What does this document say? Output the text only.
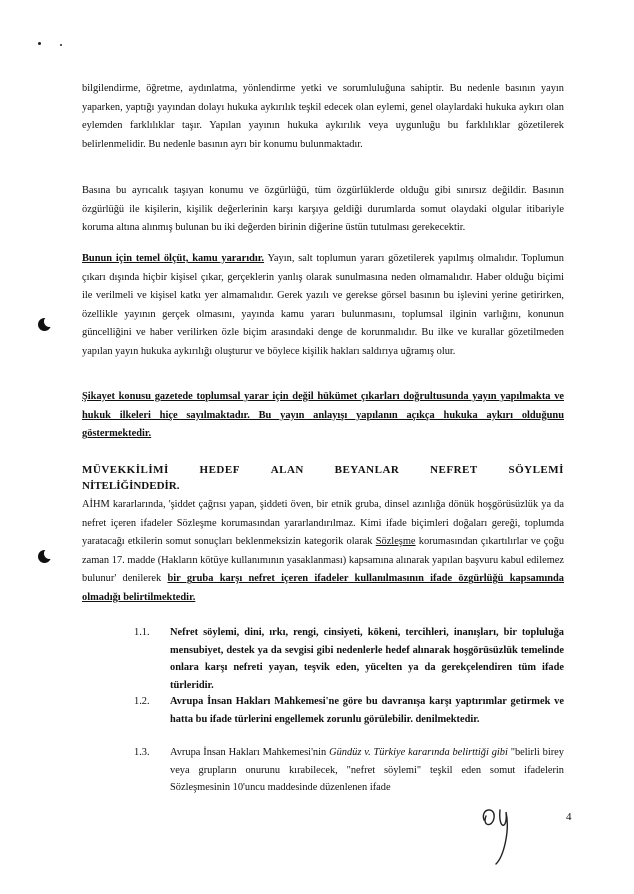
bilgilendirme, öğretme, aydınlatma, yönlendirme yetki ve sorumluluğuna sahiptir. Bu nedenle basının yayın yaparken, yaptığı yayından dolayı hukuka aykırılık teşkil edecek olan eylemi, genel olaylardaki hukuka aykırı olan eylemden farklılıklar taşır. Yapılan yayının hukuka aykırılık veya uygunluğu bu farklılıklar gözetilerek belirlenmelidir. Bu nedenle basının ayrı bir konumu bulunmaktadır.
Basına bu ayrıcalık taşıyan konumu ve özgürlüğü, tüm özgürlüklerde olduğu gibi sınırsız değildir. Basının özgürlüğü ile kişilerin, kişilik değerlerinin karşı karşıya geldiği durumlarda somut olaydaki olgular itibariyle koruma altına alınmış bulunan bu iki değerden birinin diğerine üstün tutulması gerekecektir.
Bunun için temel ölçüt, kamu yararıdır. Yayın, salt toplumun yararı gözetilerek yapılmış olmalıdır. Toplumun çıkarı dışında hiçbir kişisel çıkar, gerçeklerin yanlış olarak sunulmasına neden olmamalıdır. Haber olduğu biçimi ile verilmeli ve kişisel katkı yer almamalıdır. Gerek yazılı ve gerekse görsel basının bu işlevini yerine getirirken, özellikle yayının gerçek olmasını, yayında kamu yararı bulunmasını, toplumsal ilginin varlığını, konunun güncelliğini ve haber verilirken özle biçim arasındaki denge de korunmalıdır. Bu ilke ve kurallar gözetilmeden yapılan yayın hukuka aykırılığı oluşturur ve böylece kişilik hakları saldırıya uğramış olur.
Şikayet konusu gazetede toplumsal yarar için değil hükümet çıkarları doğrultusunda yayın yapılmakta ve hukuk ilkeleri hiçe sayılmaktadır. Bu yayın anlayışı yapılanın açıkça hukuka aykırı olduğunu göstermektedir.
MÜVEKKİLİMİ	HEDEF	ALAN	BEYANLAR	NEFRET	SÖYLEMİ
NİTELİĞİNDEDİR.
AİHM kararlarında, 'şiddet çağrısı yapan, şiddeti öven, bir etnik gruba, dinsel azınlığa dönük hoşgörüsüzlük ya da nefret içeren ifadeler Sözleşme korumasından yararlandırılmaz. Kimi ifade biçimleri doğaları gereği, toplumda yaratacağı etkilerin somut sonuçları beklenmeksizin kategorik olarak Sözleşme korumasından çıkartılırlar ve çoğu zaman 17. madde (Hakların kötüye kullanımının yasaklanması) kapsamına alınarak yapılan başvuru kabul edilemez bulunur' denilerek bir gruba karşı nefret içeren ifadeler kullanılmasının ifade özgürlüğü kapsamında olmadığı belirtilmektedir.
1.1. Nefret söylemi, dini, ırkı, rengi, cinsiyeti, kökeni, tercihleri, inanışları, bir topluluğa mensubiyet, destek ya da sevgisi gibi nedenlerle hedef alınarak hoşgörüsüzlük temelinde onlara karşı nefreti yayan, teşvik eden, yücelten ya da gerekçelendiren tüm ifade türleridir.
1.2. Avrupa İnsan Hakları Mahkemesi'ne göre bu davranışa karşı yaptırımlar getirmek ve hatta bu ifade türlerini engellemek zorunlu görülebilir. denilmektedir.
1.3. Avrupa İnsan Hakları Mahkemesi'nin Gündüz v. Türkiye kararında belirttiği gibi "belirli birey veya grupların onurunu kırabilecek, "nefret söylemi" teşkil eden somut ifadelerin Sözleşmesinin 10'uncu maddesinde düzenlenen ifade
4
